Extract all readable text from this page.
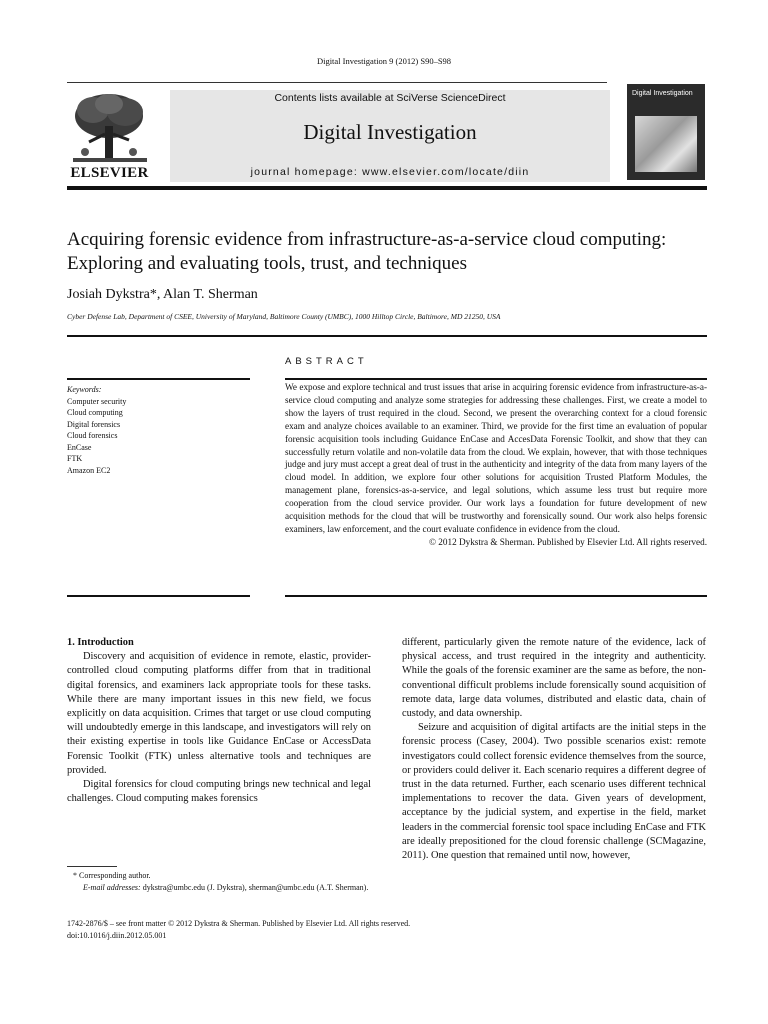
Digital Investigation 9 (2012) S90–S98
ELSEVIER
Contents lists available at SciVerse ScienceDirect
Digital Investigation
journal homepage: www.elsevier.com/locate/diin
Digital Investigation
Acquiring forensic evidence from infrastructure-as-a-service cloud computing: Exploring and evaluating tools, trust, and techniques
Josiah Dykstra*, Alan T. Sherman
Cyber Defense Lab, Department of CSEE, University of Maryland, Baltimore County (UMBC), 1000 Hilltop Circle, Baltimore, MD 21250, USA
ABSTRACT
Keywords:
Computer security
Cloud computing
Digital forensics
Cloud forensics
EnCase
FTK
Amazon EC2
We expose and explore technical and trust issues that arise in acquiring forensic evidence from infrastructure-as-a-service cloud computing and analyze some strategies for addressing these challenges. First, we create a model to show the layers of trust required in the cloud. Second, we present the overarching context for a cloud forensic exam and analyze choices available to an examiner. Third, we provide for the first time an evaluation of popular forensic acquisition tools including Guidance EnCase and AccesData Forensic Toolkit, and show that they can successfully return volatile and non-volatile data from the cloud. We explain, however, that with those techniques judge and jury must accept a great deal of trust in the authenticity and integrity of the data from many layers of the cloud model. In addition, we explore four other solutions for acquisition Trusted Platform Modules, the management plane, forensics-as-a-service, and legal solutions, which assume less trust but require more cooperation from the cloud service provider. Our work lays a foundation for future development of new acquisition methods for the cloud that will be trustworthy and forensically sound. Our work also helps forensic examiners, law enforcement, and the court evaluate confidence in evidence from the cloud.
© 2012 Dykstra & Sherman. Published by Elsevier Ltd. All rights reserved.

1. Introduction

Discovery and acquisition of evidence in remote, elastic, provider-controlled cloud computing platforms differ from that in traditional digital forensics, and examiners lack appropriate tools for these tasks. While there are many important issues in this new field, we focus explicitly on data acquisition. Crimes that target or use cloud computing will undoubtedly emerge in this landscape, and investigators will rely on their existing expertise in tools like Guidance EnCase or AccessData Forensic Toolkit (FTK) unless alternative tools and techniques are provided.

Digital forensics for cloud computing brings new technical and legal challenges. Cloud computing makes forensics

different, particularly given the remote nature of the evidence, lack of physical access, and trust required in the integrity and authenticity. While the goals of the forensic examiner are the same as before, the non-conventional difficult problems include forensically sound acquisition of remote data, large data volumes, distributed and elastic data, chain of custody, and data ownership.

Seizure and acquisition of digital artifacts are the initial steps in the forensic process (Casey, 2004). Two possible scenarios exist: remote investigators could collect forensic evidence themselves from the source, or providers could deliver it. Each scenario requires a different degree of trust in the data returned. Further, each scenario uses different technical implementations to recover the data. Given years of development, acceptance by the judicial system, and expertise in the field, market leaders in the commercial forensic tool space including EnCase and FTK are ideally prepositioned for the cloud forensic challenge (SCMagazine, 2011). One question that remained until now, however,

* Corresponding author.
E-mail addresses: dykstra@umbc.edu (J. Dykstra), sherman@umbc.edu (A.T. Sherman).
1742-2876/$ – see front matter © 2012 Dykstra & Sherman. Published by Elsevier Ltd. All rights reserved.
doi:10.1016/j.diin.2012.05.001
